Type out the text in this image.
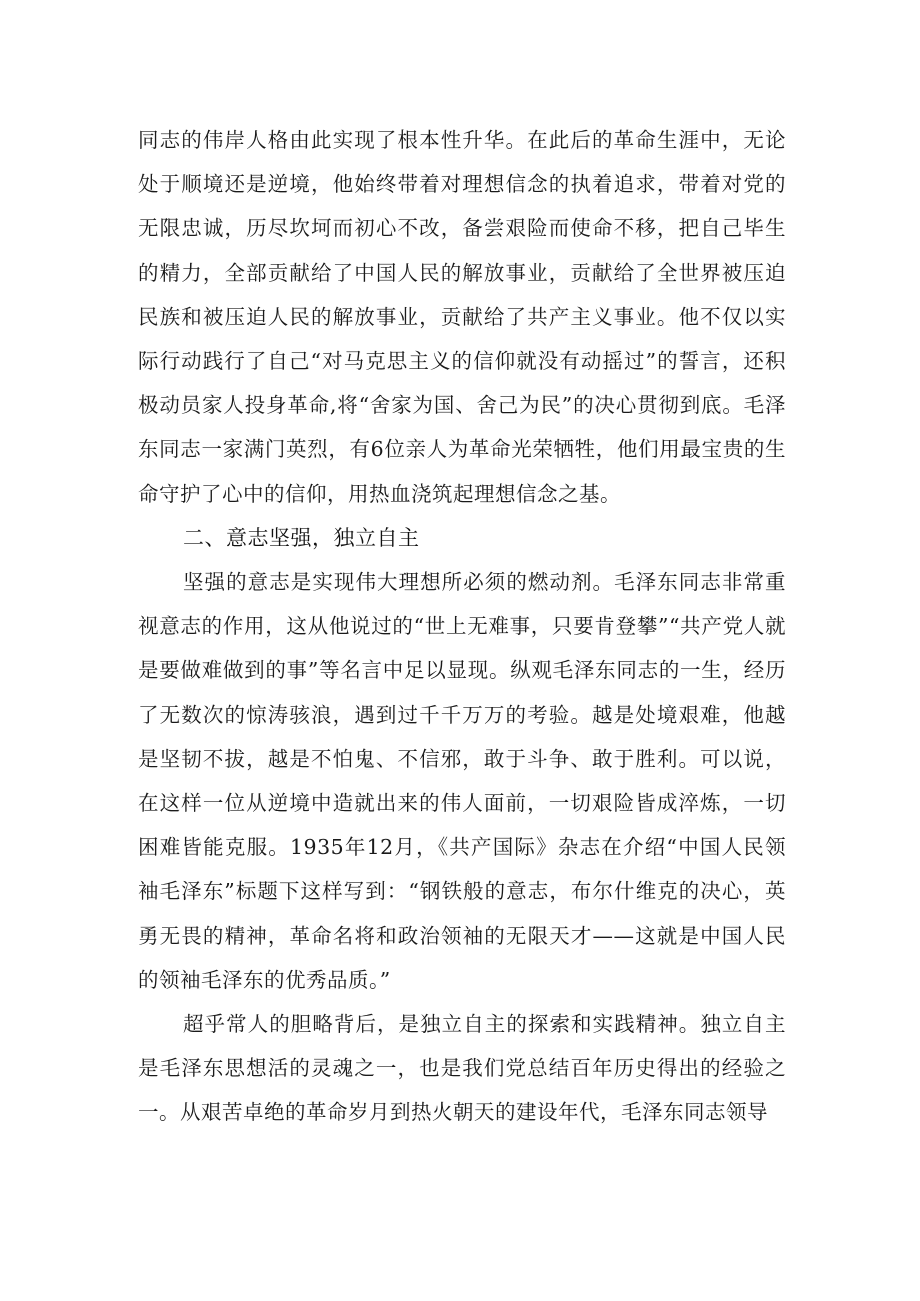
同志的伟岸人格由此实现了根本性升华。在此后的革命生涯中，无论处于顺境还是逆境，他始终带着对理想信念的执着追求，带着对党的无限忠诚，历尽坎坷而初心不改，备尝艰险而使命不移，把自己毕生的精力，全部贡献给了中国人民的解放事业，贡献给了全世界被压迫民族和被压迫人民的解放事业，贡献给了共产主义事业。他不仅以实际行动践行了自己“对马克思主义的信仰就没有动摇过”的誓言，还积极动员家人投身革命,将“舍家为国、舍己为民”的决心贯彻到底。毛泽东同志一家满门英烈，有6位亲人为革命光荣牺牲，他们用最宝贵的生命守护了心中的信仰，用热血浇筑起理想信念之基。

二、意志坚强，独立自主

坚强的意志是实现伟大理想所必须的燃动剂。毛泽东同志非常重视意志的作用，这从他说过的“世上无难事，只要肯登攀”“共产党人就是要做难做到的事”等名言中足以显现。纵观毛泽东同志的一生，经历了无数次的惊涛骇浪，遇到过千千万万的考验。越是处境艰难，他越是坚韧不拔，越是不怕鬼、不信邪，敢于斗争、敢于胜利。可以说，在这样一位从逆境中造就出来的伟人面前，一切艰险皆成淬炼，一切困难皆能克服。1935年12月，《共产国际》杂志在介绍“中国人民领袖毛泽东”标题下这样写到：“钢铁般的意志，布尔什维克的决心，英勇无畏的精神，革命名将和政治领袖的无限天才——这就是中国人民的领袖毛泽东的优秀品质。”

超乎常人的胆略背后，是独立自主的探索和实践精神。独立自主是毛泽东思想活的灵魂之一，也是我们党总结百年历史得出的经验之一。从艰苦卓绝的革命岁月到热火朝天的建设年代，毛泽东同志领导
